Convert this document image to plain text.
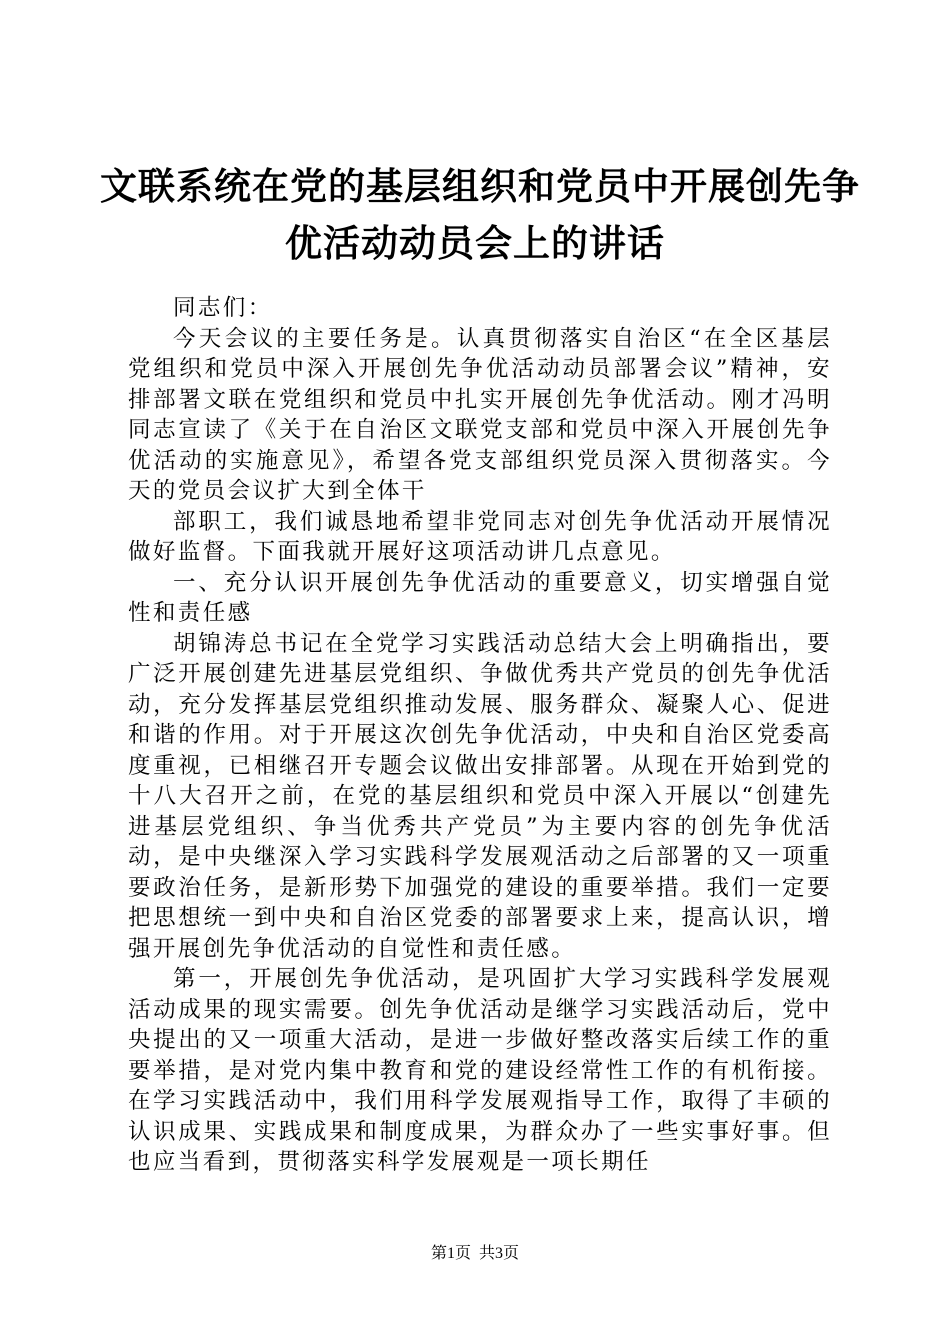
文联系统在党的基层组织和党员中开展创先争
优活动动员会上的讲话

同志们：

今天会议的主要任务是。认真贯彻落实自治区“在全区基层党组织和党员中深入开展创先争优活动动员部署会议”精神，安排部署文联在党组织和党员中扎实开展创先争优活动。刚才冯明同志宣读了《关于在自治区文联党支部和党员中深入开展创先争优活动的实施意见》，希望各党支部组织党员深入贯彻落实。今天的党员会议扩大到全体干

部职工，我们诚恳地希望非党同志对创先争优活动开展情况做好监督。下面我就开展好这项活动讲几点意见。

一、充分认识开展创先争优活动的重要意义，切实增强自觉性和责任感

胡锦涛总书记在全党学习实践活动总结大会上明确指出，要广泛开展创建先进基层党组织、争做优秀共产党员的创先争优活动，充分发挥基层党组织推动发展、服务群众、凝聚人心、促进和谐的作用。对于开展这次创先争优活动，中央和自治区党委高度重视，已相继召开专题会议做出安排部署。从现在开始到党的十八大召开之前，在党的基层组织和党员中深入开展以“创建先进基层党组织、争当优秀共产党员”为主要内容的创先争优活动，是中央继深入学习实践科学发展观活动之后部署的又一项重要政治任务，是新形势下加强党的建设的重要举措。我们一定要把思想统一到中央和自治区党委的部署要求上来，提高认识，增强开展创先争优活动的自觉性和责任感。

第一，开展创先争优活动，是巩固扩大学习实践科学发展观活动成果的现实需要。创先争优活动是继学习实践活动后，党中央提出的又一项重大活动，是进一步做好整改落实后续工作的重要举措，是对党内集中教育和党的建设经常性工作的有机衔接。在学习实践活动中，我们用科学发展观指导工作，取得了丰硕的认识成果、实践成果和制度成果，为群众办了一些实事好事。但也应当看到，贯彻落实科学发展观是一项长期任

第1页 共3页
